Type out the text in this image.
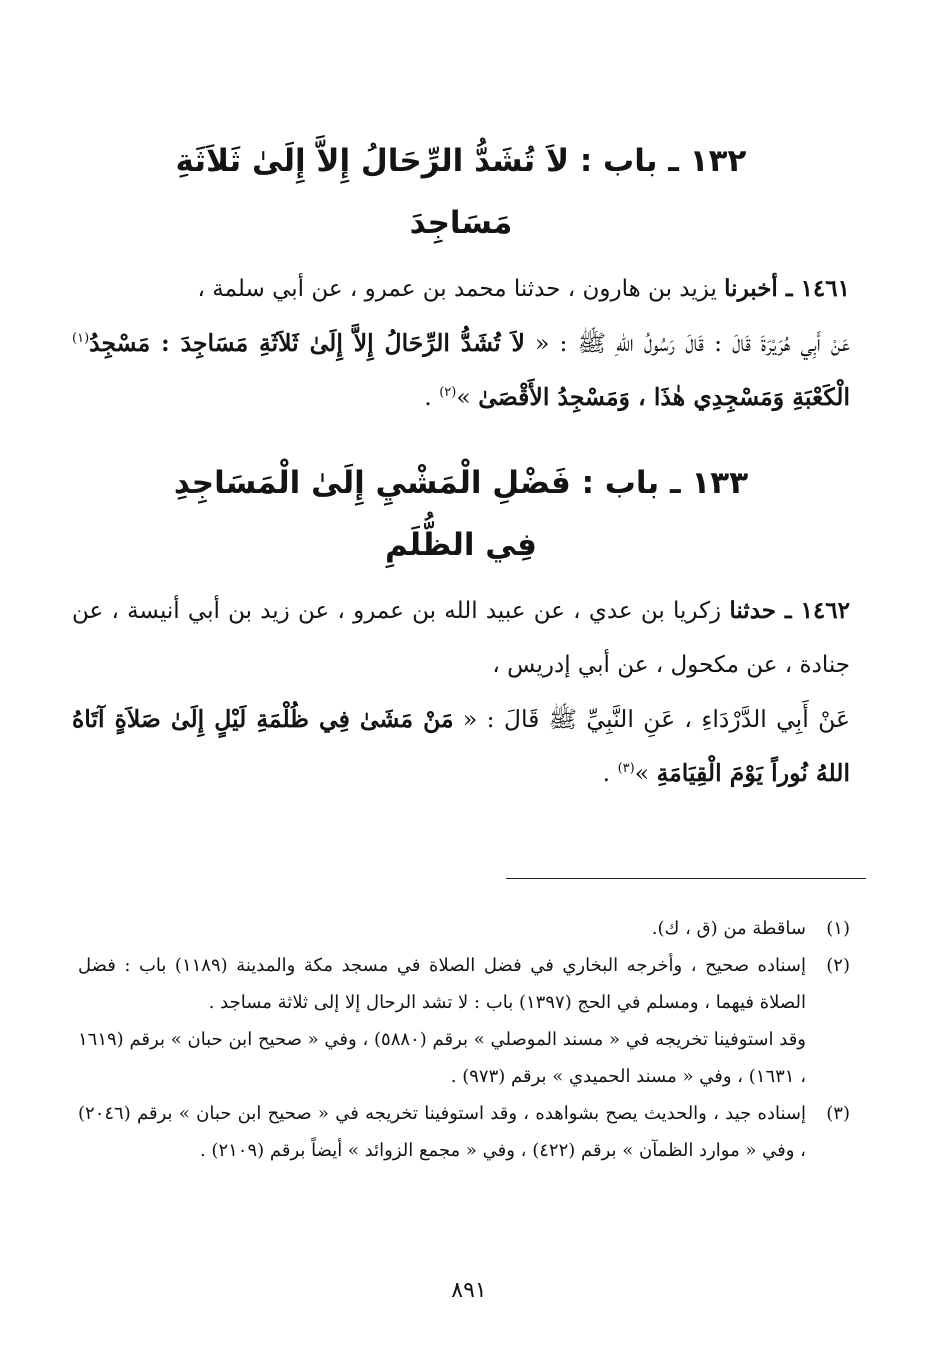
١٣٢ ـ باب : لاَ تُشَدُّ الرِّحَالُ إِلاَّ إِلَىٰ ثَلاَثَةِ
مَسَاجِدَ

١٤٦١ ـ أخبرنا يزيد بن هارون ، حدثنا محمد بن عمرو ، عن أبي سلمة ،

عَنْ أَبِي هُرَيْرَةَ قَالَ : قَالَ رَسُولُ اللهِ ﷺ : « لاَ تُشَدُّ الرِّحَالُ إِلاَّ إِلَىٰ ثَلاَثَةِ مَسَاجِدَ : مَسْجِدُ$^{(١)}$ الْكَعْبَةِ وَمَسْجِدِي هٰذَا ، وَمَسْجِدُ الأَقْصَىٰ »$^{(٢)}$ .

١٣٣ ـ باب : فَضْلِ الْمَشْيِ إِلَىٰ الْمَسَاجِدِ
فِي الظُّلَمِ

١٤٦٢ ـ حدثنا زكريا بن عدي ، عن عبيد الله بن عمرو ، عن زيد بن أبي أنيسة ، عن جنادة ، عن مكحول ، عن أبي إدريس ،

عَنْ أَبِي الدَّرْدَاءِ ، عَنِ النَّبِيِّ ﷺ قَالَ : « مَنْ مَشَىٰ فِي ظُلْمَةِ لَيْلٍ إِلَىٰ صَلاَةٍ آتَاهُ اللهُ نُوراً يَوْمَ الْقِيَامَةِ »$^{(٣)}$ .

(١)

ساقطة من (ق ، ك).

(٢)

إسناده صحيح ، وأخرجه البخاري في فضل الصلاة في مسجد مكة والمدينة (١١٨٩) باب : فضل الصلاة فيهما ، ومسلم في الحج (١٣٩٧) باب : لا تشد الرحال إلا إلى ثلاثة مساجد .

وقد استوفينا تخريجه في « مسند الموصلي » برقم (٥٨٨٠) ، وفي « صحيح ابن حبان » برقم (١٦١٩ ، ١٦٣١) ، وفي « مسند الحميدي » برقم (٩٧٣) .

(٣)

إسناده جيد ، والحديث يصح بشواهده ، وقد استوفينا تخريجه في « صحيح ابن حبان » برقم (٢٠٤٦) ، وفي « موارد الظمآن » برقم (٤٢٢) ، وفي « مجمع الزوائد » أيضاً برقم (٢١٠٩) .

٨٩١
